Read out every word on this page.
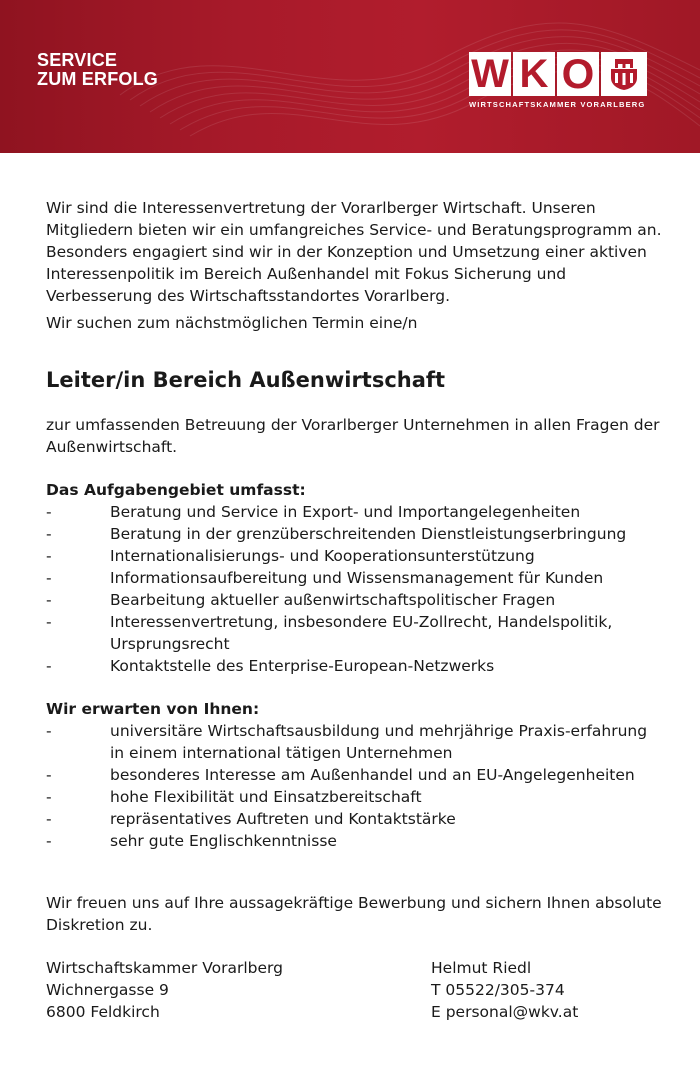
SERVICE
ZUM ERFOLG	W K O
WIRTSCHAFTSKAMMER VORARLBERG

Wir sind die Interessenvertretung der Vorarlberger Wirtschaft. Unseren Mitgliedern bieten wir ein umfangreiches Service- und Beratungsprogramm an. Besonders engagiert sind wir in der Konzeption und Umsetzung einer aktiven Interessenpolitik im Bereich Außenhandel mit Fokus Sicherung und Verbesserung des Wirtschaftsstandortes Vorarlberg.

Wir suchen zum nächstmöglichen Termin eine/n

Leiter/in Bereich Außenwirtschaft

zur umfassenden Betreuung der Vorarlberger Unternehmen in allen Fragen der Außenwirtschaft.

Das Aufgabengebiet umfasst:
-	Beratung und Service in Export- und Importangelegenheiten
-	Beratung in der grenzüberschreitenden Dienstleistungserbringung
-	Internationalisierungs- und Kooperationsunterstützung
-	Informationsaufbereitung und Wissensmanagement für Kunden
-	Bearbeitung aktueller außenwirtschaftspolitischer Fragen
-	Interessenvertretung, insbesondere EU-Zollrecht, Handelspolitik, Ursprungsrecht
-	Kontaktstelle des Enterprise-European-Netzwerks
Wir erwarten von Ihnen:
-	universitäre Wirtschaftsausbildung und mehrjährige Praxis-erfahrung in einem international tätigen Unternehmen
-	besonderes Interesse am Außenhandel und an EU-Angelegenheiten
-	hohe Flexibilität und Einsatzbereitschaft
-	repräsentatives Auftreten und Kontaktstärke
-	sehr gute Englischkenntnisse

Wir freuen uns auf Ihre aussagekräftige Bewerbung und sichern Ihnen absolute Diskretion zu.

Wirtschaftskammer Vorarlberg
Wichnergasse 9
6800 Feldkirch
Helmut Riedl
T 05522/305-374
E personal@wkv.at
